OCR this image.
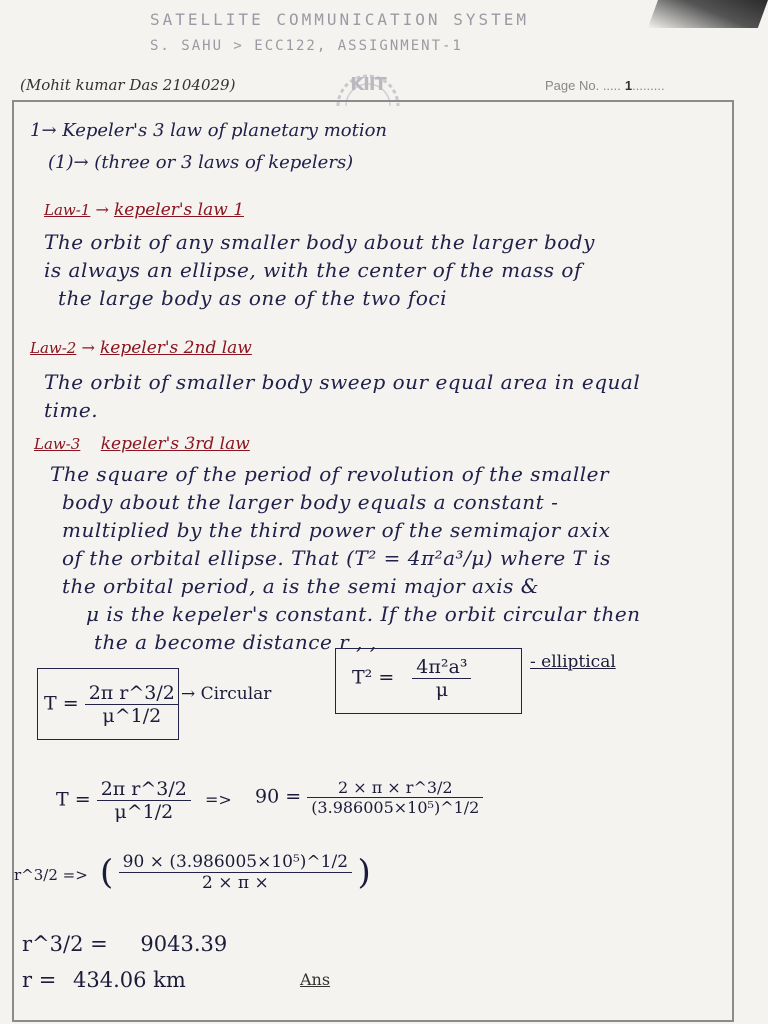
SATELLITE COMMUNICATION SYSTEM
S. SAHU > ECC122, ASSIGNMENT-1
(Mohit kumar Das 2104029)	KIIT	Page No. ..... 1.........
1→ Kepeler's 3 law of planetary motion
(1)→ (three or 3 laws of kepelers)
Law-1 → kepeler's law 1
The orbit of any smaller body about the larger body
is always an ellipse, with the center of the mass of
the large body as one of the two foci
Law-2 → kepeler's 2nd law
The orbit of smaller body sweep our equal area in equal
time.
Law-3 kepeler's 3rd law
The square of the period of revolution of the smaller
body about the larger body equals a constant -
multiplied by the third power of the semimajor axix
of the orbital ellipse. That (T² = 4π²a³/μ) where T is
the orbital period, a is the semi major axis &
μ is the kepeler's constant. If the orbit circular then
the a become distance r , ,
$T = \frac{\text{2π r\textasciicircum{}3/2}}{\mu\^{}1/2}$ → Circular
$T^2 = \frac{\text{4π²a³}}{\mu}$	- elliptical
$T = \frac{\text{2π r\textasciicircum{}3/2}}{\mu\^{}1/2} => 90 = \frac{2 \times \pi \times r\^{}3/2}{\text{(3.986005×10⁵)\textasciicircum{}1/2}}$
r^3/2 => ( $\frac{\text{90 × (3.986005×10⁵)\textasciicircum{}1/2}}{2 \times \pi \times}$ )
r^3/2 = 9043.39
r = 434.06 km	Ans
